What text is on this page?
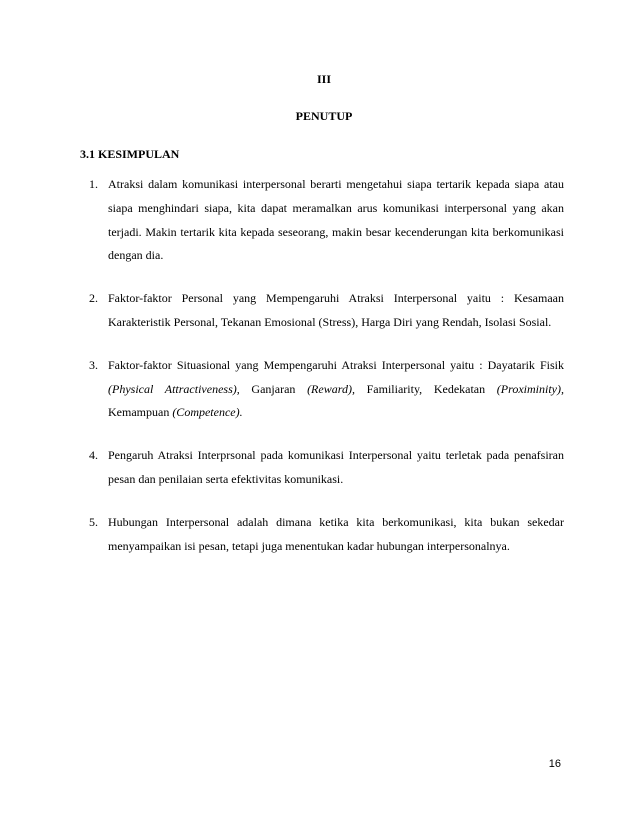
III
PENUTUP
3.1 KESIMPULAN
1. Atraksi dalam komunikasi interpersonal berarti mengetahui siapa tertarik kepada siapa atau siapa menghindari siapa, kita dapat meramalkan arus komunikasi interpersonal yang akan terjadi. Makin tertarik kita kepada seseorang, makin besar kecenderungan kita berkomunikasi dengan dia.
2. Faktor-faktor Personal yang Mempengaruhi Atraksi Interpersonal yaitu : Kesamaan Karakteristik Personal, Tekanan Emosional (Stress), Harga Diri yang Rendah, Isolasi Sosial.
3. Faktor-faktor Situasional yang Mempengaruhi Atraksi Interpersonal yaitu : Dayatarik Fisik (Physical Attractiveness), Ganjaran (Reward), Familiarity, Kedekatan (Proximinity), Kemampuan (Competence).
4. Pengaruh Atraksi Interprsonal pada komunikasi Interpersonal yaitu terletak pada penafsiran pesan dan penilaian serta efektivitas komunikasi.
5. Hubungan Interpersonal adalah dimana ketika kita berkomunikasi, kita bukan sekedar menyampaikan isi pesan, tetapi juga menentukan kadar hubungan interpersonalnya.
16
